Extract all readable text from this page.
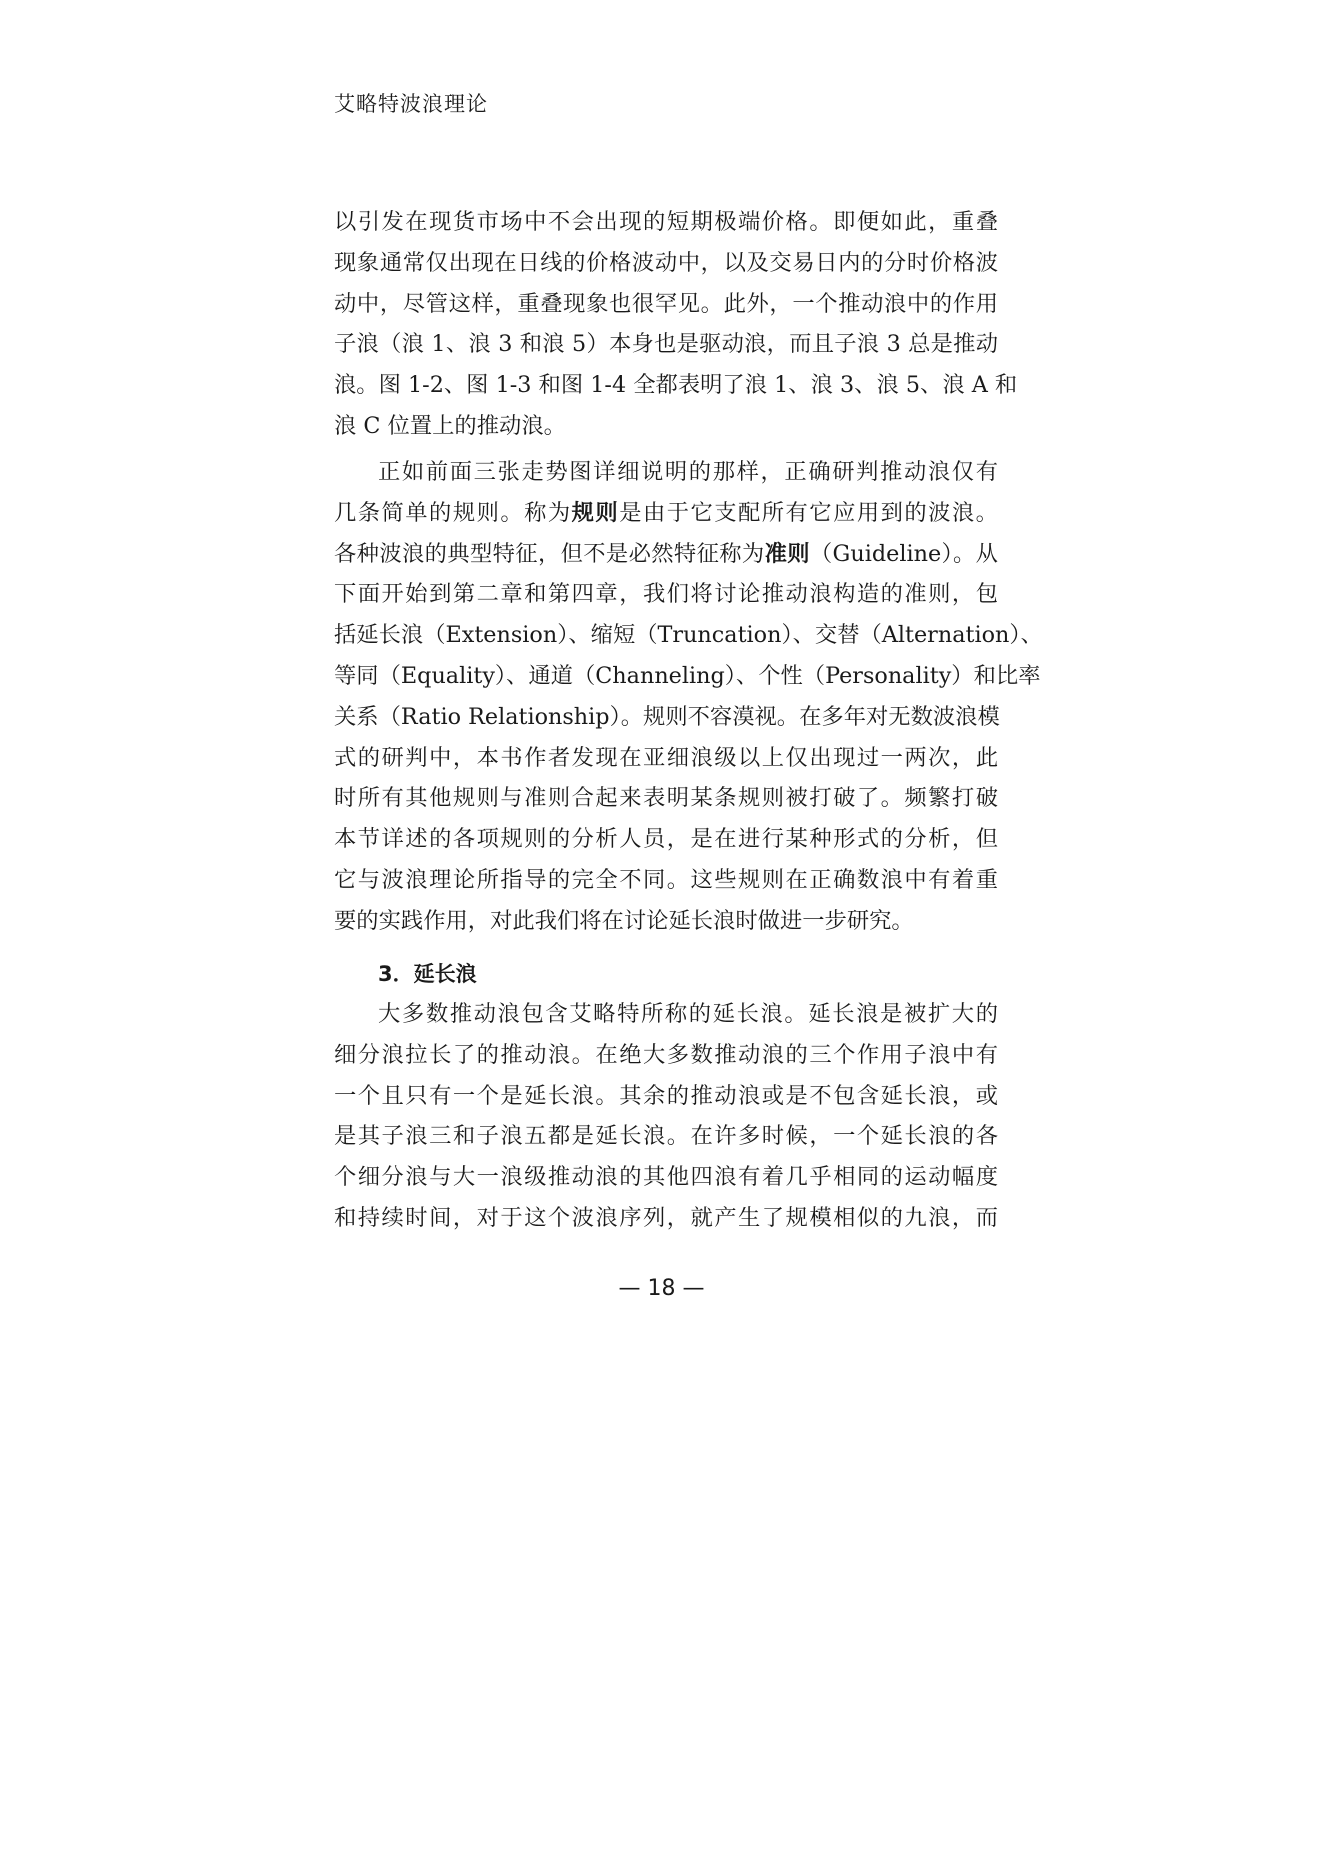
艾略特波浪理论
以引发在现货市场中不会出现的短期极端价格。即便如此，重叠
现象通常仅出现在日线的价格波动中，以及交易日内的分时价格波
动中，尽管这样，重叠现象也很罕见。此外，一个推动浪中的作用
子浪（浪 1、浪 3 和浪 5）本身也是驱动浪，而且子浪 3 总是推动
浪。图 1-2、图 1-3 和图 1-4 全都表明了浪 1、浪 3、浪 5、浪 A 和
浪 C 位置上的推动浪。
正如前面三张走势图详细说明的那样，正确研判推动浪仅有
几条简单的规则。称为规则是由于它支配所有它应用到的波浪。
各种波浪的典型特征，但不是必然特征称为准则（Guideline）。从
下面开始到第二章和第四章，我们将讨论推动浪构造的准则，包
括延长浪（Extension）、缩短（Truncation）、交替（Alternation）、
等同（Equality）、通道（Channeling）、个性（Personality）和比率
关系（Ratio Relationship）。规则不容漠视。在多年对无数波浪模
式的研判中，本书作者发现在亚细浪级以上仅出现过一两次，此
时所有其他规则与准则合起来表明某条规则被打破了。频繁打破
本节详述的各项规则的分析人员，是在进行某种形式的分析，但
它与波浪理论所指导的完全不同。这些规则在正确数浪中有着重
要的实践作用，对此我们将在讨论延长浪时做进一步研究。
3．延长浪
大多数推动浪包含艾略特所称的延长浪。延长浪是被扩大的
细分浪拉长了的推动浪。在绝大多数推动浪的三个作用子浪中有
一个且只有一个是延长浪。其余的推动浪或是不包含延长浪，或
是其子浪三和子浪五都是延长浪。在许多时候，一个延长浪的各
个细分浪与大一浪级推动浪的其他四浪有着几乎相同的运动幅度
和持续时间，对于这个波浪序列，就产生了规模相似的九浪，而
— 18 —
